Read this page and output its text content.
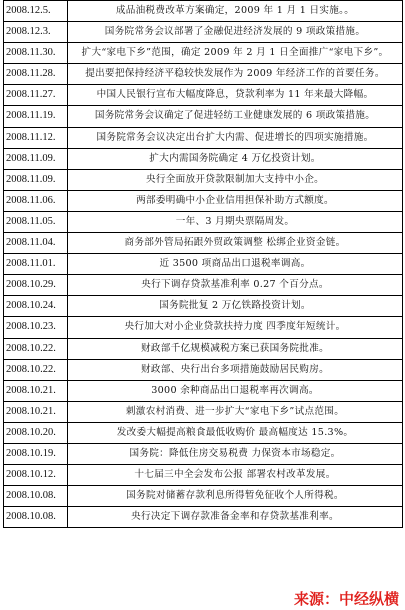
2008.12.5.	成品油税费改革方案确定，2009 年 1 月 1 日实施。。
2008.12.3.	国务院常务会议部署了金融促进经济发展的 9 项政策措施。
2008.11.30.	扩大“家电下乡”范围，确定 2009 年 2 月 1 日全面推广“家电下乡”。
2008.11.28.	提出要把保持经济平稳较快发展作为 2009 年经济工作的首要任务。
2008.11.27.	中国人民银行宣布大幅度降息，贷款利率为 11 年来最大降幅。
2008.11.19.	国务院常务会议确定了促进轻纺工业健康发展的 6 项政策措施。
2008.11.12.	国务院常务会议决定出台扩大内需、促进增长的四项实施措施。
2008.11.09.	扩大内需国务院确定 4 万亿投资计划。
2008.11.09.	央行全面放开贷款限制加大支持中小企。
2008.11.06.	两部委明确中小企业信用担保补助方式额度。
2008.11.05.	一年、3 月期央票隔周发。
2008.11.04.	商务部外管局拓跟外贸政策调整 松绑企业资金链。
2008.11.01.	近 3500 项商品出口退税率调高。
2008.10.29.	央行下调存贷款基准利率 0.27 个百分点。
2008.10.24.	国务院批复 2 万亿铁路投资计划。
2008.10.23.	央行加大对小企业贷款扶持力度 四季度年短统计。
2008.10.22.	财政部千亿规模减税方案已获国务院批准。
2008.10.22.	财政部、央行出台多项措施鼓励居民购房。
2008.10.21.	3000 余种商品出口退税率再次调高。
2008.10.21.	刺激农村消费、进一步扩大“家电下乡”试点范围。
2008.10.20.	发改委大幅提高粮食最低收购价 最高幅度达 15.3%。
2008.10.19.	国务院：降低住房交易税费 力保资本市场稳定。
2008.10.12.	十七届三中全会发布公报 部署农村改革发展。
2008.10.08.	国务院对储蓄存款利息所得暂免征收个人所得税。
2008.10.08.	央行决定下调存款准备金率和存贷款基准利率。
来源：中经纵横
